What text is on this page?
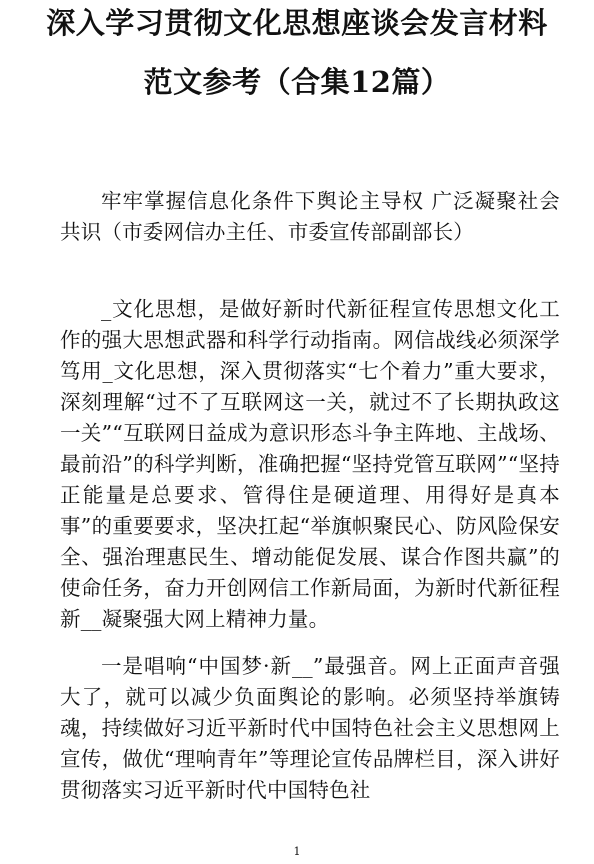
深入学习贯彻文化思想座谈会发言材料
范文参考（合集12篇）

牢牢掌握信息化条件下舆论主导权 广泛凝聚社会共识（市委网信办主任、市委宣传部副部长）

_文化思想，是做好新时代新征程宣传思想文化工作的强大思想武器和科学行动指南。网信战线必须深学笃用_文化思想，深入贯彻落实“七个着力”重大要求，深刻理解“过不了互联网这一关，就过不了长期执政这一关”“互联网日益成为意识形态斗争主阵地、主战场、最前沿”的科学判断，准确把握“坚持党管互联网”“坚持正能量是总要求、管得住是硬道理、用得好是真本事”的重要要求，坚决扛起“举旗帜聚民心、防风险保安全、强治理惠民生、增动能促发展、谋合作图共赢”的使命任务，奋力开创网信工作新局面，为新时代新征程新__凝聚强大网上精神力量。

一是唱响“中国梦·新__”最强音。网上正面声音强大了，就可以减少负面舆论的影响。必须坚持举旗铸魂，持续做好习近平新时代中国特色社会主义思想网上宣传，做优“理响青年”等理论宣传品牌栏目，深入讲好贯彻落实习近平新时代中国特色社

1
